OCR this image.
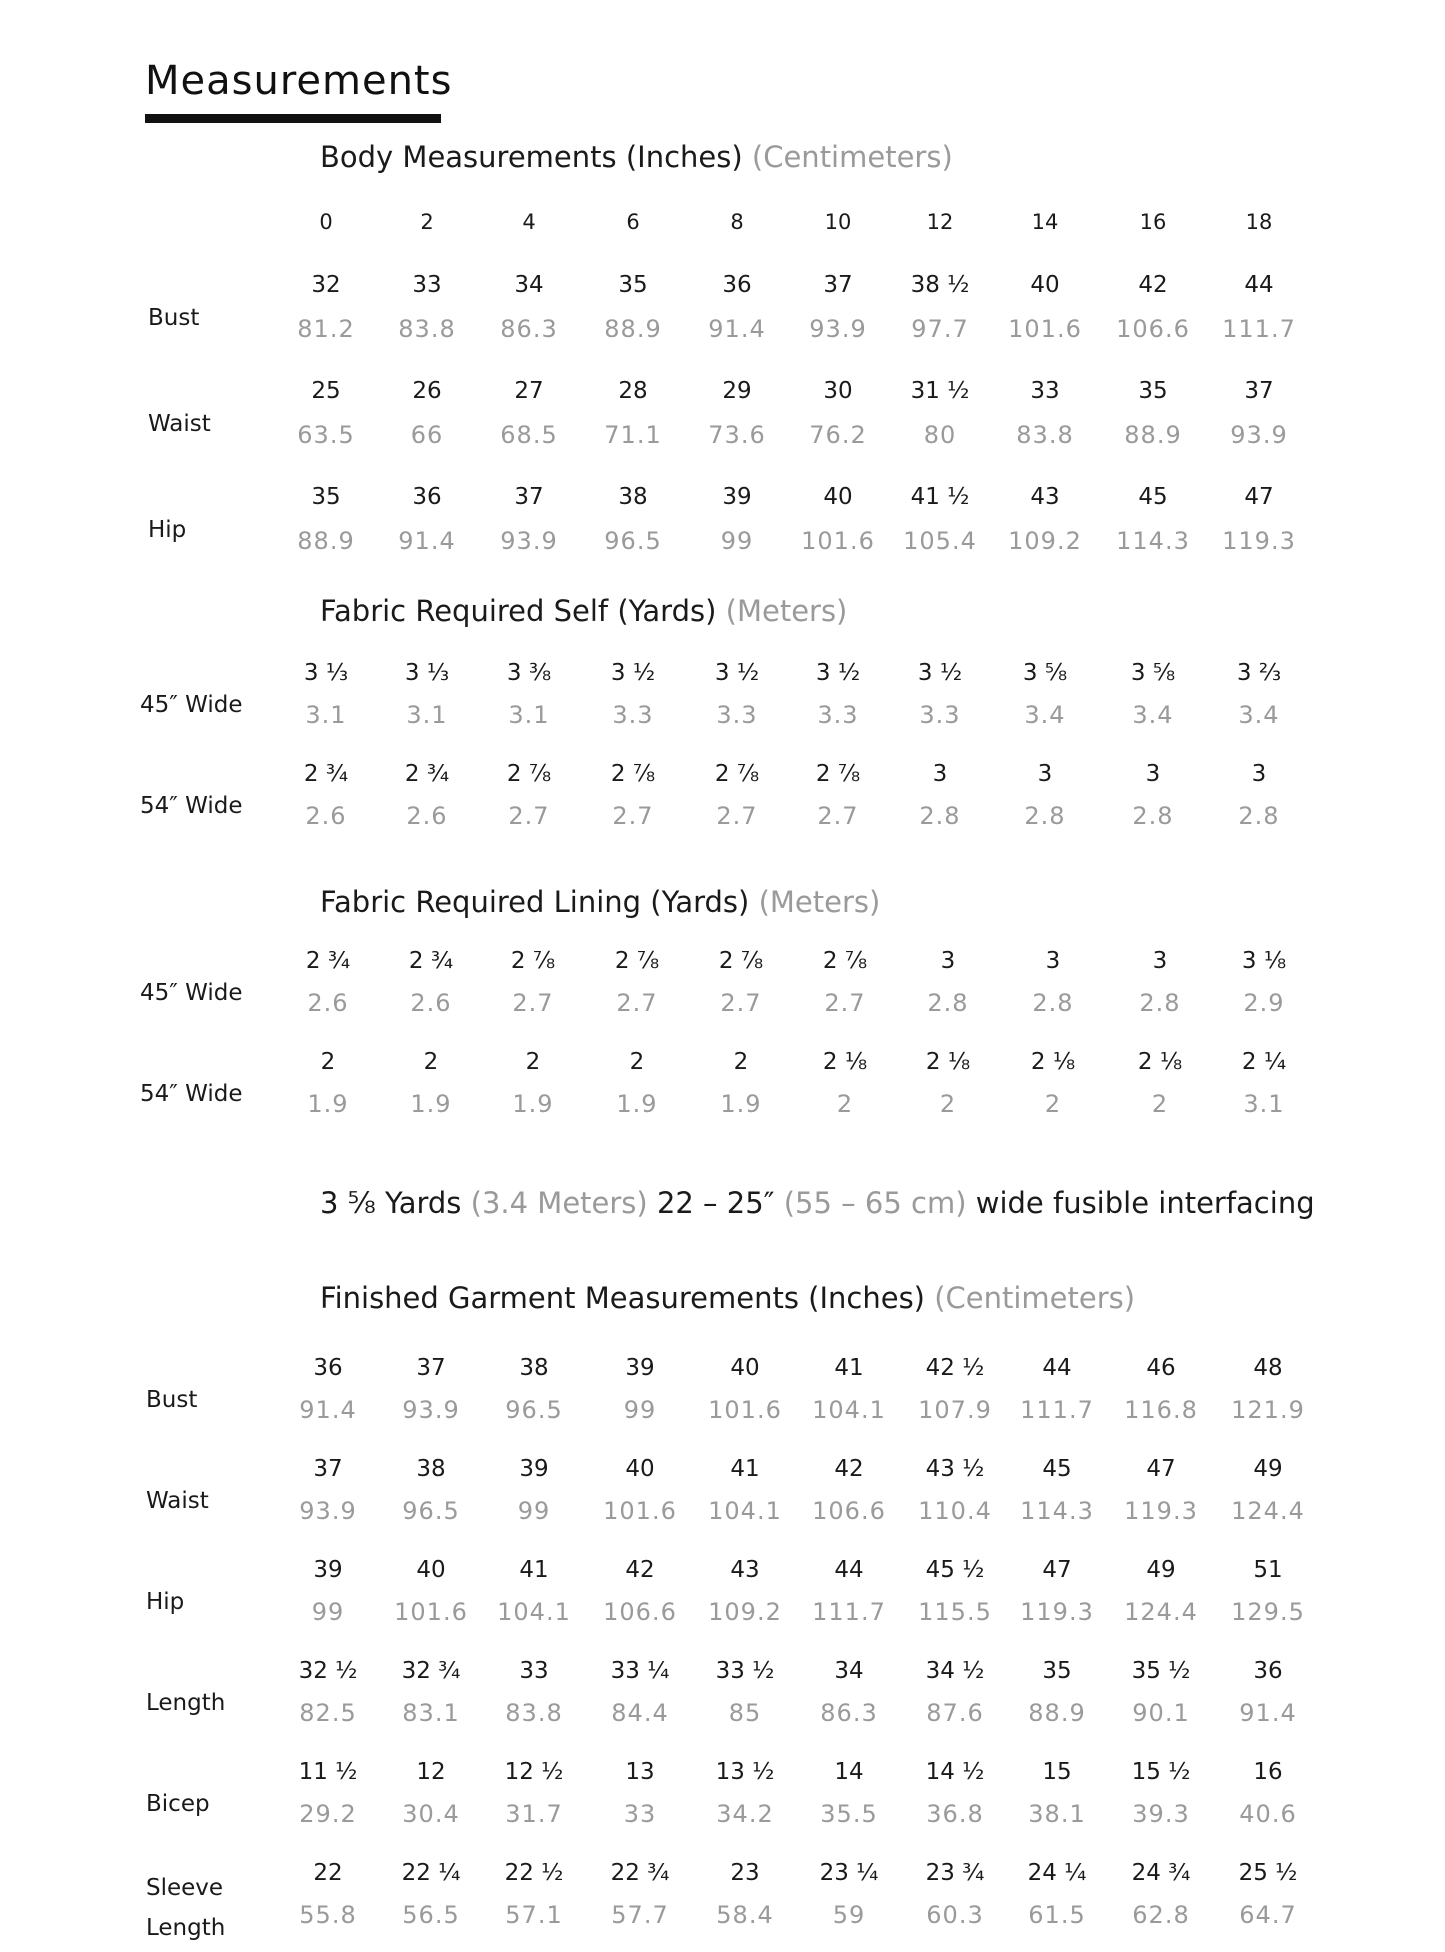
Measurements
Body Measurements (Inches) (Centimeters)
0	2	4	6	8	10	12	14	16	18
Bust
32	33	34	35	36	37	38 ½	40	42	44
81.2	83.8	86.3	88.9	91.4	93.9	97.7	101.6	106.6	111.7
Waist
25	26	27	28	29	30	31 ½	33	35	37
63.5	66	68.5	71.1	73.6	76.2	80	83.8	88.9	93.9
Hip
35	36	37	38	39	40	41 ½	43	45	47
88.9	91.4	93.9	96.5	99	101.6	105.4	109.2	114.3	119.3
Fabric Required Self (Yards) (Meters)
45″ Wide
3 ⅓	3 ⅓	3 ⅜	3 ½	3 ½	3 ½	3 ½	3 ⅝	3 ⅝	3 ⅔
3.1	3.1	3.1	3.3	3.3	3.3	3.3	3.4	3.4	3.4
54″ Wide
2 ¾	2 ¾	2 ⅞	2 ⅞	2 ⅞	2 ⅞	3	3	3	3
2.6	2.6	2.7	2.7	2.7	2.7	2.8	2.8	2.8	2.8
Fabric Required Lining (Yards) (Meters)
45″ Wide
2 ¾	2 ¾	2 ⅞	2 ⅞	2 ⅞	2 ⅞	3	3	3	3 ⅛
2.6	2.6	2.7	2.7	2.7	2.7	2.8	2.8	2.8	2.9
54″ Wide
2	2	2	2	2	2 ⅛	2 ⅛	2 ⅛	2 ⅛	2 ¼
1.9	1.9	1.9	1.9	1.9	2	2	2	2	3.1
3 ⅝ Yards (3.4 Meters) 22 – 25″ (55 – 65 cm) wide fusible interfacing
Finished Garment Measurements (Inches) (Centimeters)
Bust
36	37	38	39	40	41	42 ½	44	46	48
91.4	93.9	96.5	99	101.6	104.1	107.9	111.7	116.8	121.9
Waist
37	38	39	40	41	42	43 ½	45	47	49
93.9	96.5	99	101.6	104.1	106.6	110.4	114.3	119.3	124.4
Hip
39	40	41	42	43	44	45 ½	47	49	51
99	101.6	104.1	106.6	109.2	111.7	115.5	119.3	124.4	129.5
Length
32 ½	32 ¾	33	33 ¼	33 ½	34	34 ½	35	35 ½	36
82.5	83.1	83.8	84.4	85	86.3	87.6	88.9	90.1	91.4
Bicep
11 ½	12	12 ½	13	13 ½	14	14 ½	15	15 ½	16
29.2	30.4	31.7	33	34.2	35.5	36.8	38.1	39.3	40.6
Sleeve
Length
22	22 ¼	22 ½	22 ¾	23	23 ¼	23 ¾	24 ¼	24 ¾	25 ½
55.8	56.5	57.1	57.7	58.4	59	60.3	61.5	62.8	64.7
